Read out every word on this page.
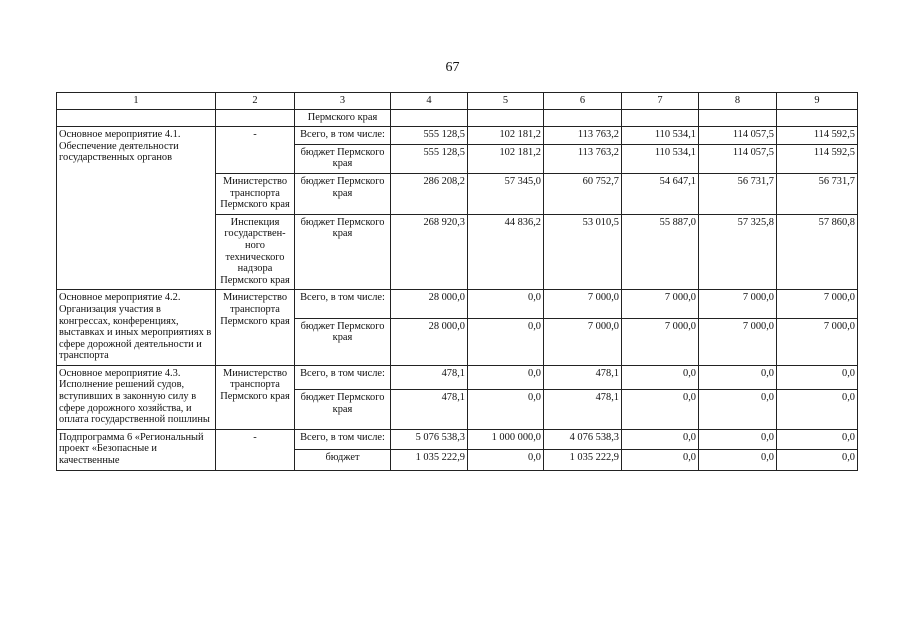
67
1	2	3	4	5	6	7	8	9
		Пермского края						
Основное мероприятие 4.1. Обеспечение деятельности государственных органов	-	Всего, в том числе:	555 128,5	102 181,2	113 763,2	110 534,1	114 057,5	114 592,5
		бюджет Пермского края	555 128,5	102 181,2	113 763,2	110 534,1	114 057,5	114 592,5
	Министерство транспорта Пермского края	бюджет Пермского края	286 208,2	57 345,0	60 752,7	54 647,1	56 731,7	56 731,7
	Инспекция государствен-ного технического надзора Пермского края	бюджет Пермского края	268 920,3	44 836,2	53 010,5	55 887,0	57 325,8	57 860,8
Основное мероприятие 4.2. Организация участия в конгрессах, конференциях, выставках и иных мероприятиях в сфере дорожной деятельности и транспорта	Министерство транспорта Пермского края	Всего, в том числе:	28 000,0	0,0	7 000,0	7 000,0	7 000,0	7 000,0
		бюджет Пермского края	28 000,0	0,0	7 000,0	7 000,0	7 000,0	7 000,0
Основное мероприятие 4.3. Исполнение решений судов, вступивших в законную силу в сфере дорожного хозяйства, и оплата государственной пошлины	Министерство транспорта Пермского края	Всего, в том числе:	478,1	0,0	478,1	0,0	0,0	0,0
		бюджет Пермского края	478,1	0,0	478,1	0,0	0,0	0,0
Подпрограмма 6 «Региональный проект «Безопасные и качественные	-	Всего, в том числе:	5 076 538,3	1 000 000,0	4 076 538,3	0,0	0,0	0,0
		бюджет	1 035 222,9	0,0	1 035 222,9	0,0	0,0	0,0
